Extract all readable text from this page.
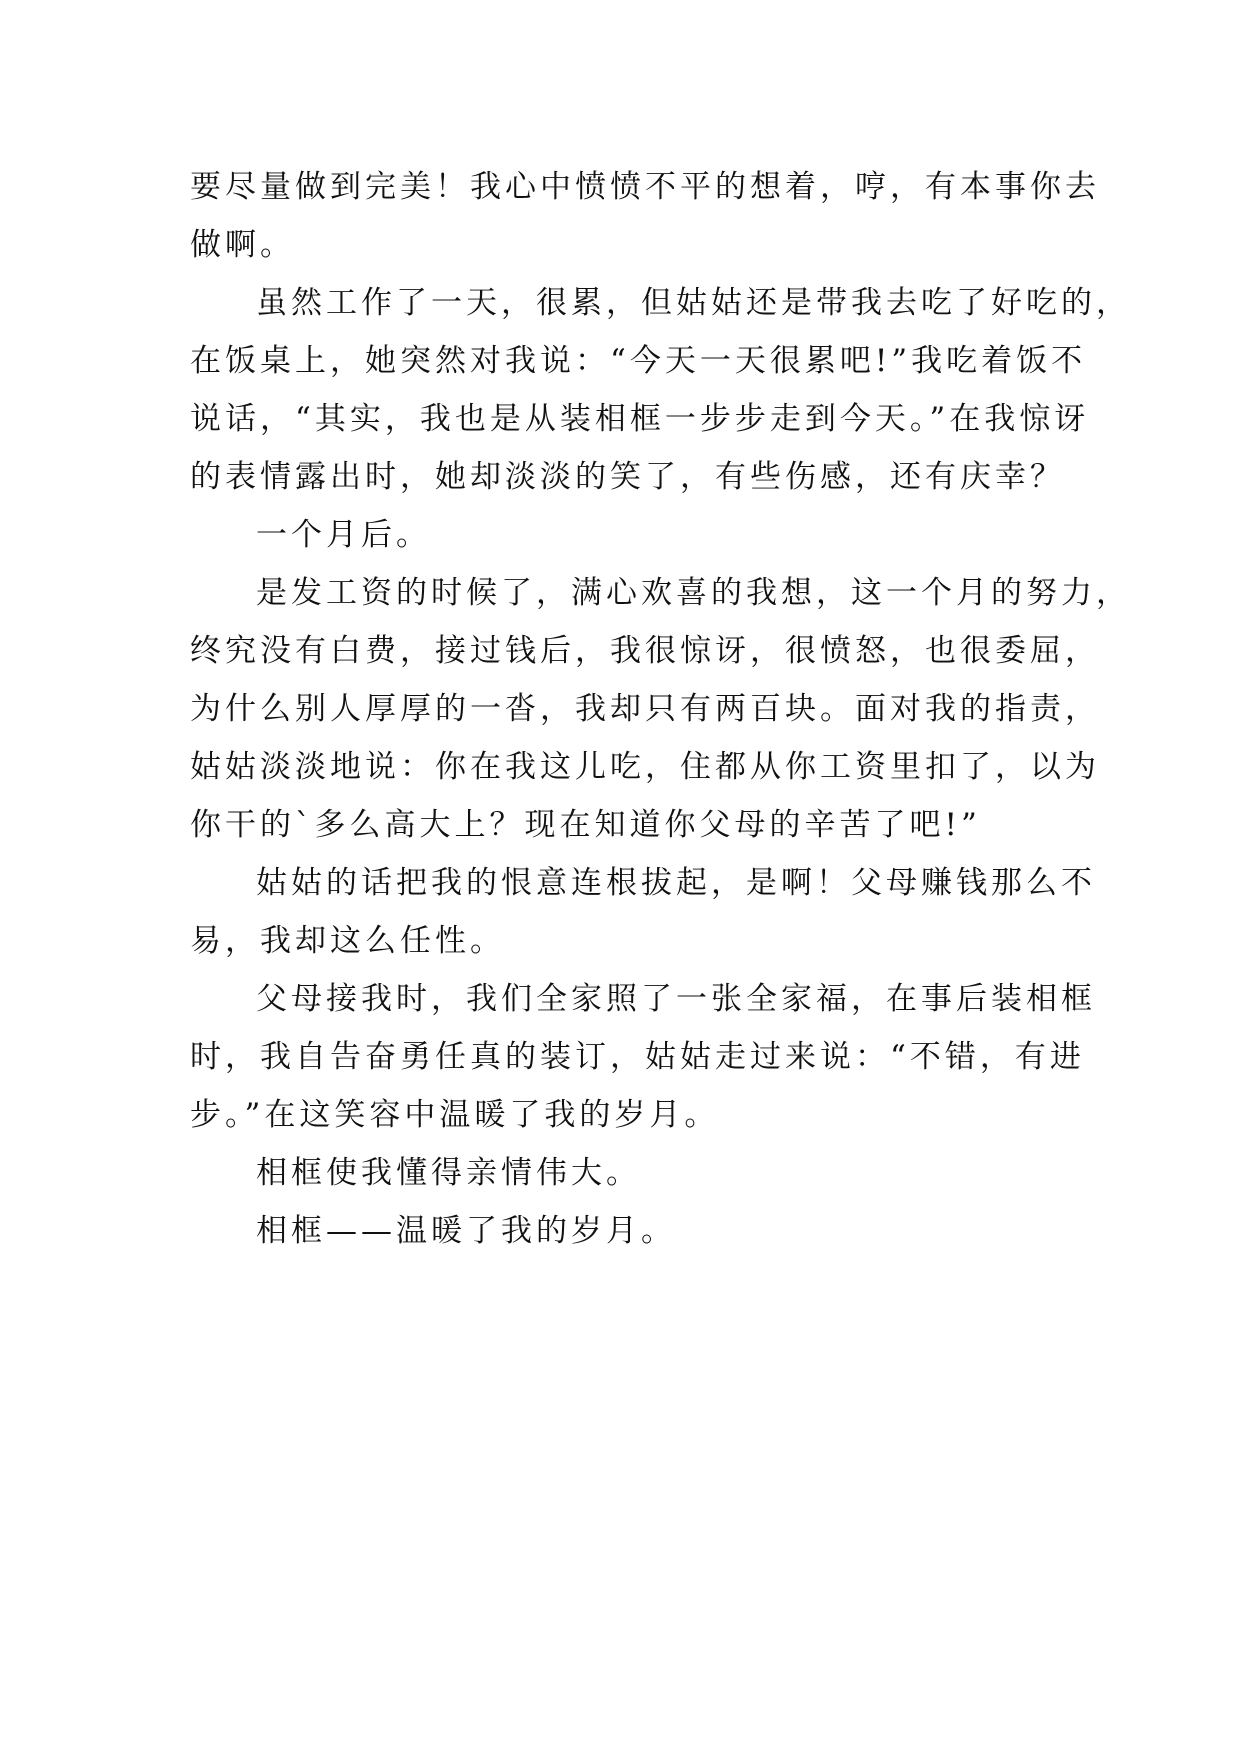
要尽量做到完美！我心中愤愤不平的想着，哼，有本事你去
做啊。
虽然工作了一天，很累，但姑姑还是带我去吃了好吃的，
在饭桌上，她突然对我说：“今天一天很累吧!”我吃着饭不
说话，“其实，我也是从装相框一步步走到今天。”在我惊讶
的表情露出时，她却淡淡的笑了，有些伤感，还有庆幸？
一个月后。
是发工资的时候了，满心欢喜的我想，这一个月的努力，
终究没有白费，接过钱后，我很惊讶，很愤怒，也很委屈，
为什么别人厚厚的一沓，我却只有两百块。面对我的指责，
姑姑淡淡地说：你在我这儿吃，住都从你工资里扣了，以为
你干的`多么高大上？现在知道你父母的辛苦了吧!”
姑姑的话把我的恨意连根拔起，是啊！父母赚钱那么不
易，我却这么任性。
父母接我时，我们全家照了一张全家福，在事后装相框
时，我自告奋勇任真的装订，姑姑走过来说：“不错，有进
步。”在这笑容中温暖了我的岁月。
相框使我懂得亲情伟大。
相框——温暖了我的岁月。
